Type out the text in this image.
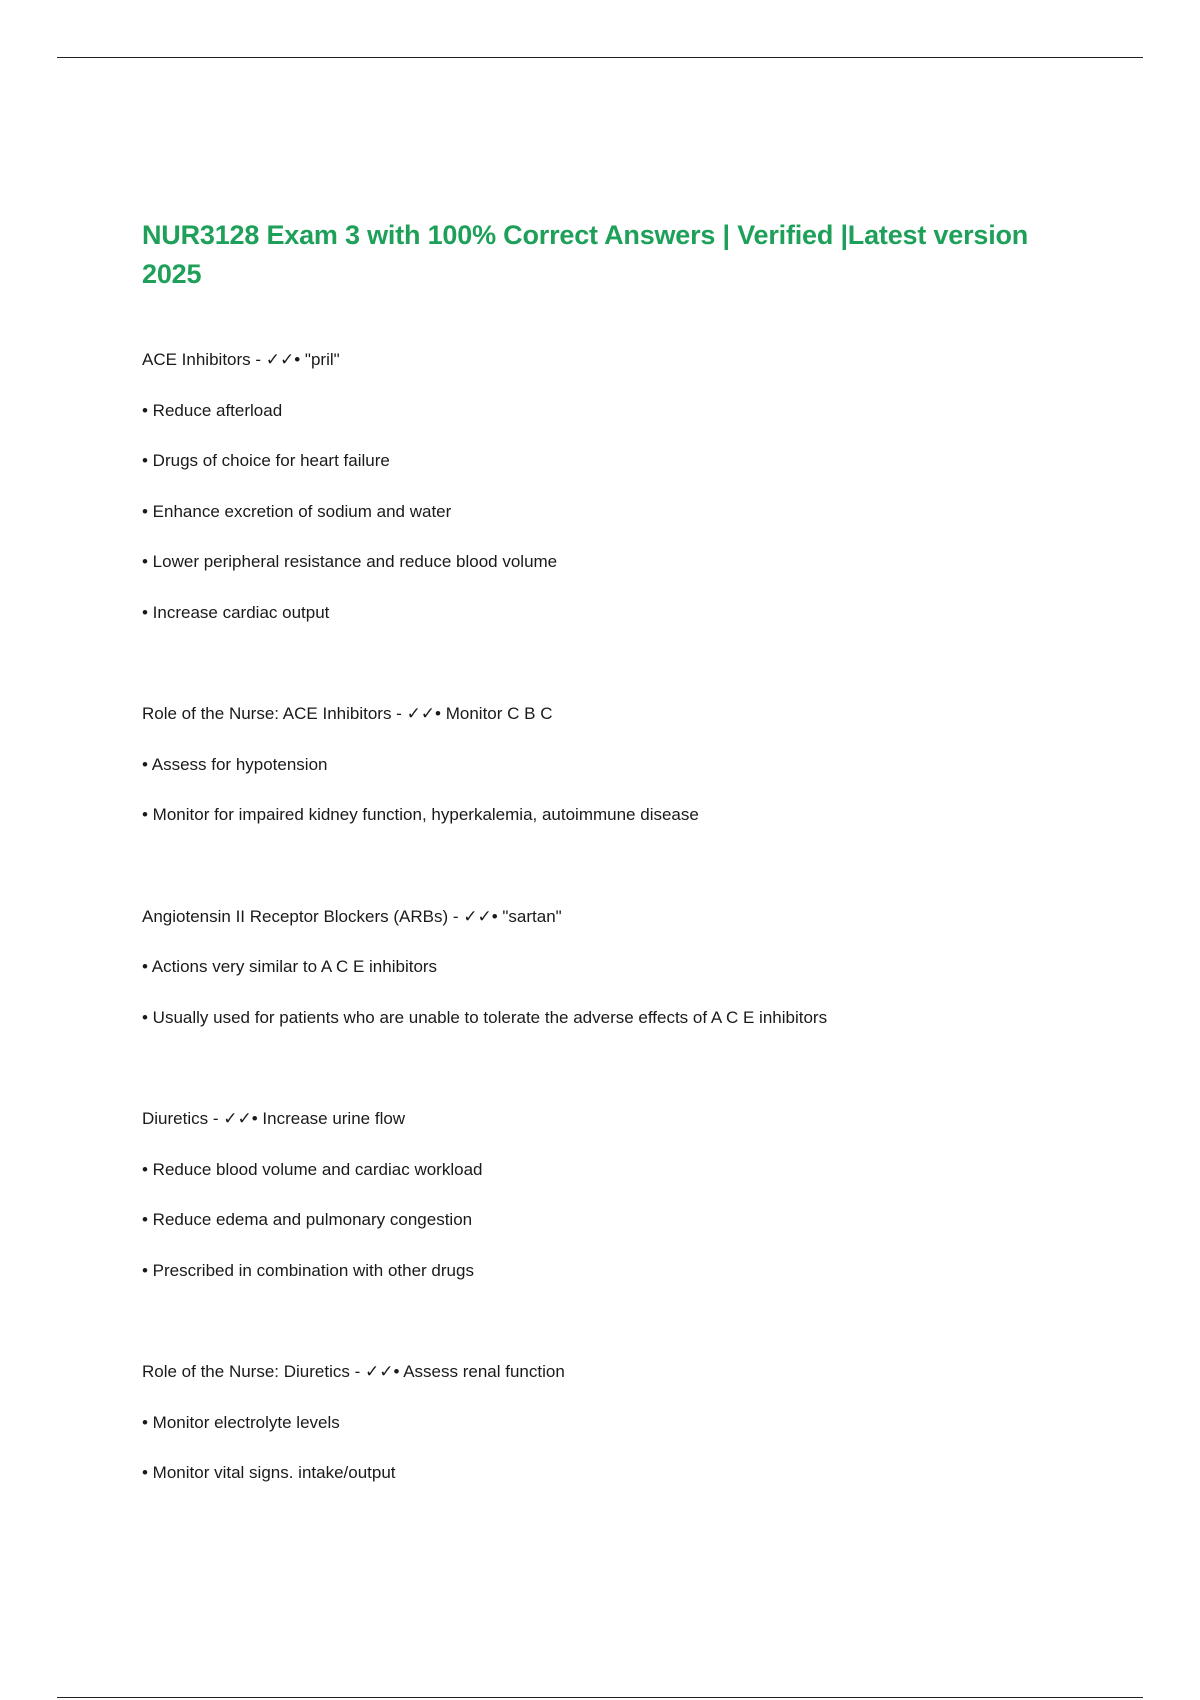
NUR3128 Exam 3 with 100% Correct Answers | Verified |Latest version 2025

ACE Inhibitors - ✓✓• "pril"

• Reduce afterload

• Drugs of choice for heart failure

• Enhance excretion of sodium and water

• Lower peripheral resistance and reduce blood volume

• Increase cardiac output

Role of the Nurse: ACE Inhibitors - ✓✓• Monitor C B C

• Assess for hypotension

• Monitor for impaired kidney function, hyperkalemia, autoimmune disease

Angiotensin II Receptor Blockers (ARBs) - ✓✓• "sartan"

• Actions very similar to A C E inhibitors

• Usually used for patients who are unable to tolerate the adverse effects of A C E inhibitors

Diuretics - ✓✓• Increase urine flow

• Reduce blood volume and cardiac workload

• Reduce edema and pulmonary congestion

• Prescribed in combination with other drugs

Role of the Nurse: Diuretics - ✓✓• Assess renal function

• Monitor electrolyte levels

• Monitor vital signs. intake/output
